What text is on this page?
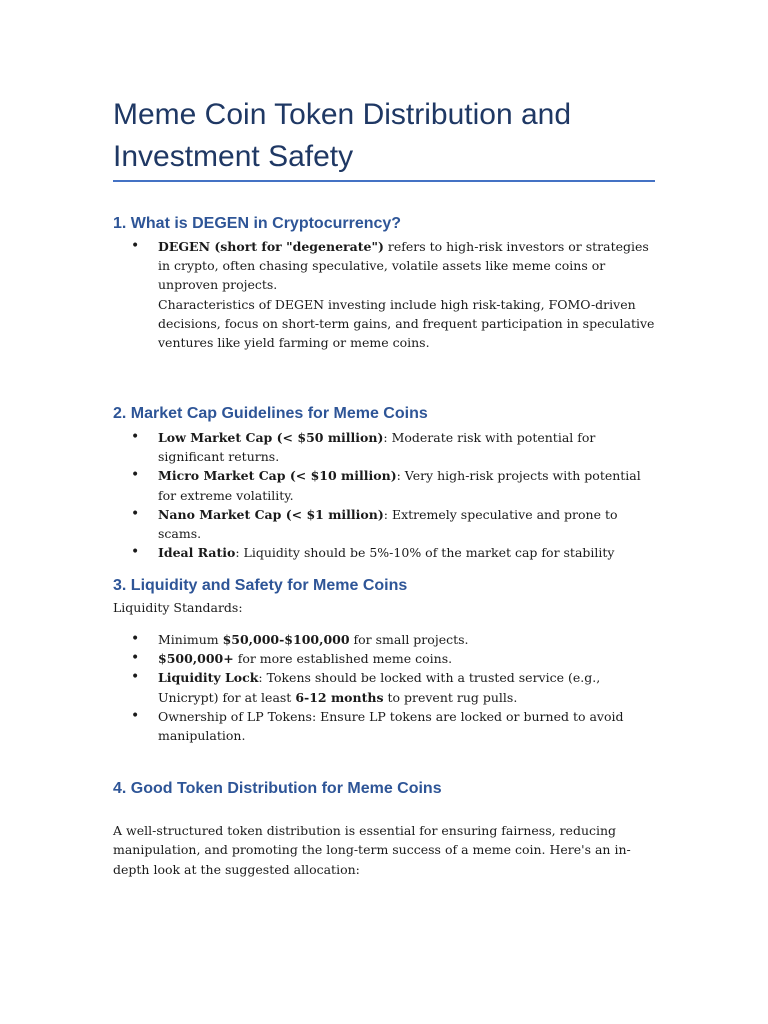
Meme Coin Token Distribution and Investment Safety
1. What is DEGEN in Cryptocurrency?
• DEGEN (short for "degenerate") refers to high-risk investors or strategies in crypto, often chasing speculative, volatile assets like meme coins or unproven projects.
Characteristics of DEGEN investing include high risk-taking, FOMO-driven decisions, focus on short-term gains, and frequent participation in speculative ventures like yield farming or meme coins.
2. Market Cap Guidelines for Meme Coins
• Low Market Cap (< $50 million): Moderate risk with potential for significant returns.
• Micro Market Cap (< $10 million): Very high-risk projects with potential for extreme volatility.
• Nano Market Cap (< $1 million): Extremely speculative and prone to scams.
• Ideal Ratio: Liquidity should be 5%-10% of the market cap for stability
3. Liquidity and Safety for Meme Coins

Liquidity Standards:

• Minimum $50,000-$100,000 for small projects.
• $500,000+ for more established meme coins.
• Liquidity Lock: Tokens should be locked with a trusted service (e.g., Unicrypt) for at least 6-12 months to prevent rug pulls.
• Ownership of LP Tokens: Ensure LP tokens are locked or burned to avoid manipulation.
4. Good Token Distribution for Meme Coins

A well-structured token distribution is essential for ensuring fairness, reducing manipulation, and promoting the long-term success of a meme coin. Here's an in-depth look at the suggested allocation:
